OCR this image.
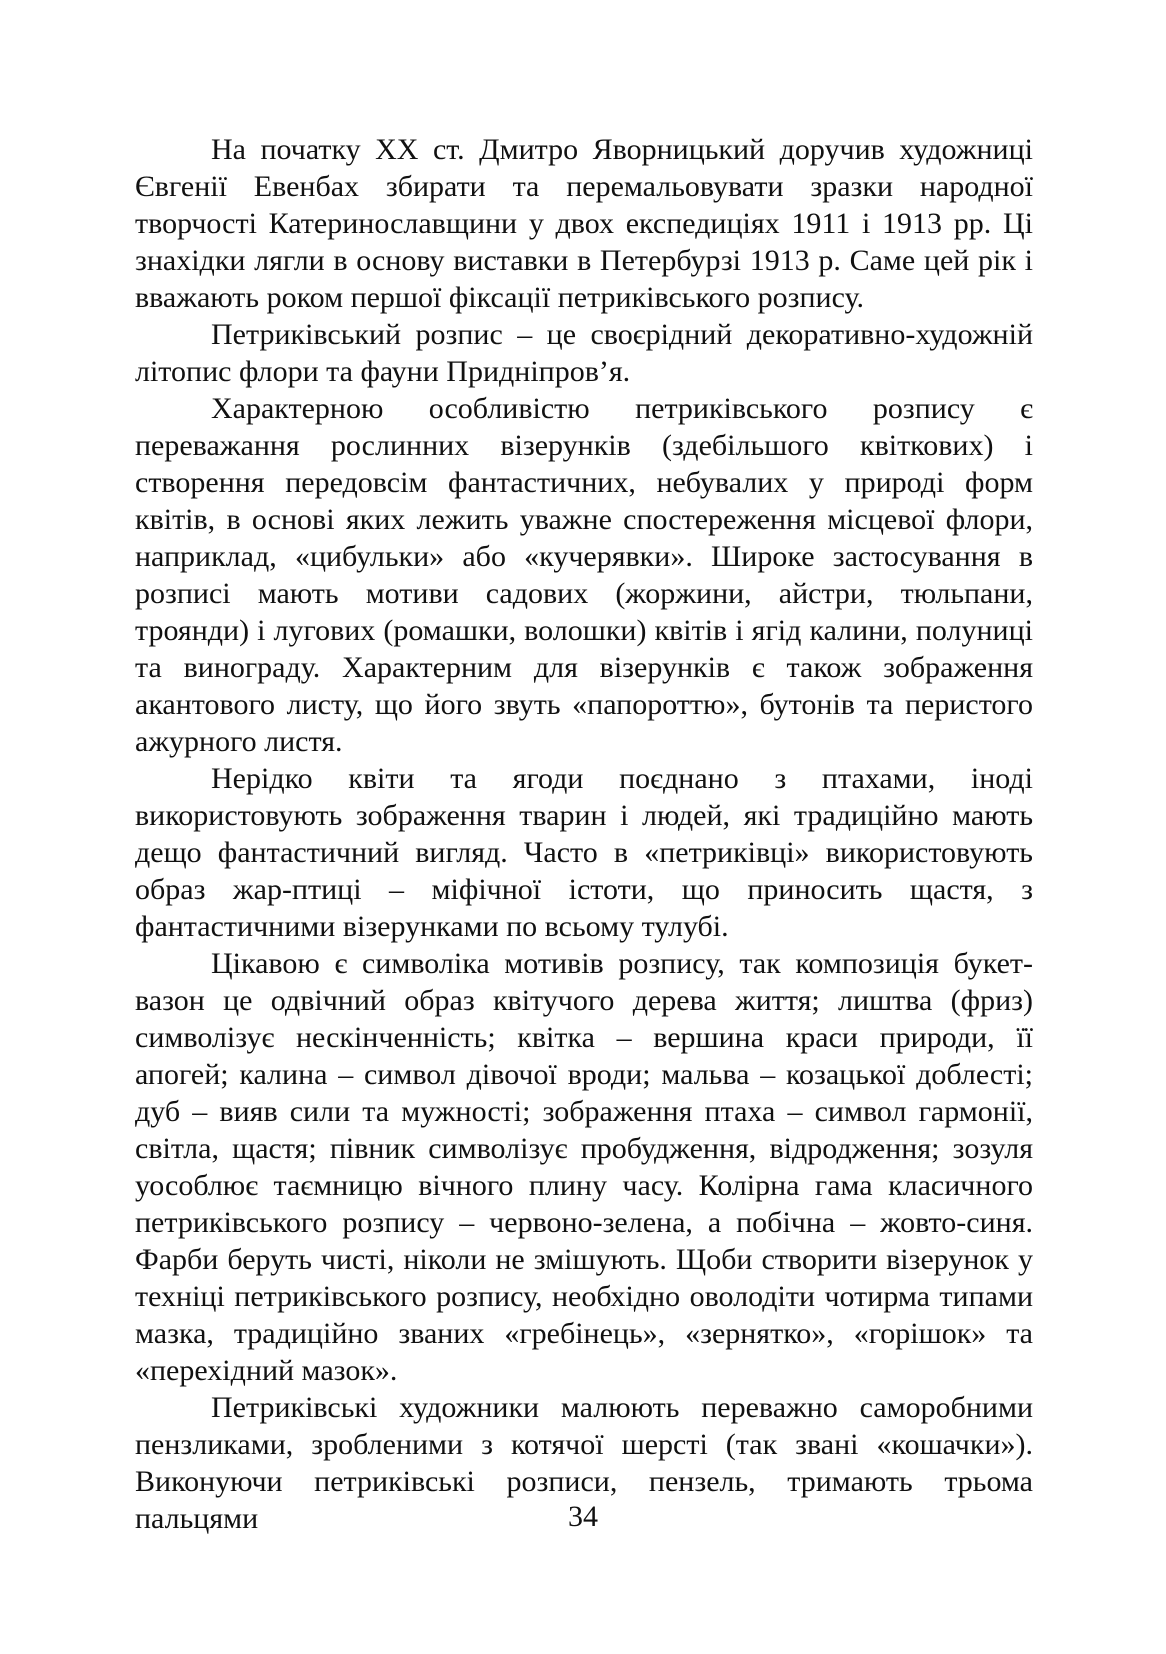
На початку ХХ ст. Дмитро Яворницький доручив художниці Євгенії Евенбах збирати та перемальовувати зразки народної творчості Катеринославщини у двох експедиціях 1911 і 1913 рр. Ці знахідки лягли в основу виставки в Петербурзі 1913 р. Саме цей рік і вважають роком першої фіксації петриківського розпису.

Петриківський розпис – це своєрідний декоративно-художній літопис флори та фауни Придніпров’я.

Характерною особливістю петриківського розпису є переважання рослинних візерунків (здебільшого квіткових) і створення передовсім фантастичних, небувалих у природі форм квітів, в основі яких лежить уважне спостереження місцевої флори, наприклад, «цибульки» або «кучерявки». Широке застосування в розписі мають мотиви садових (жоржини, айстри, тюльпани, троянди) і лугових (ромашки, волошки) квітів і ягід калини, полуниці та винограду. Характерним для візерунків є також зображення акантового листу, що його звуть «папороттю», бутонів та перистого ажурного листя.

Нерідко квіти та ягоди поєднано з птахами, іноді використовують зображення тварин і людей, які традиційно мають дещо фантастичний вигляд. Часто в «петриківці» використовують образ жар-птиці – міфічної істоти, що приносить щастя, з фантастичними візерунками по всьому тулубі.

Цікавою є символіка мотивів розпису, так композиція букет-вазон це одвічний образ квітучого дерева життя; лиштва (фриз) символізує нескінченність; квітка – вершина краси природи, її апогей; калина – символ дівочої вроди; мальва – козацької доблесті; дуб – вияв сили та мужності; зображення птаха – символ гармонії, світла, щастя; півник символізує пробудження, відродження; зозуля уособлює таємницю вічного плину часу. Колірна гама класичного петриківського розпису – червоно-зелена, а побічна – жовто-синя. Фарби беруть чисті, ніколи не змішують. Щоби створити візерунок у техніці петриківського розпису, необхідно оволодіти чотирма типами мазка, традиційно званих «гребінець», «зернятко», «горішок» та «перехідний мазок».

Петриківські художники малюють переважно саморобними пензликами, зробленими з котячої шерсті (так звані «кошачки»). Виконуючи петриківські розписи, пензель, тримають трьома пальцями	34
